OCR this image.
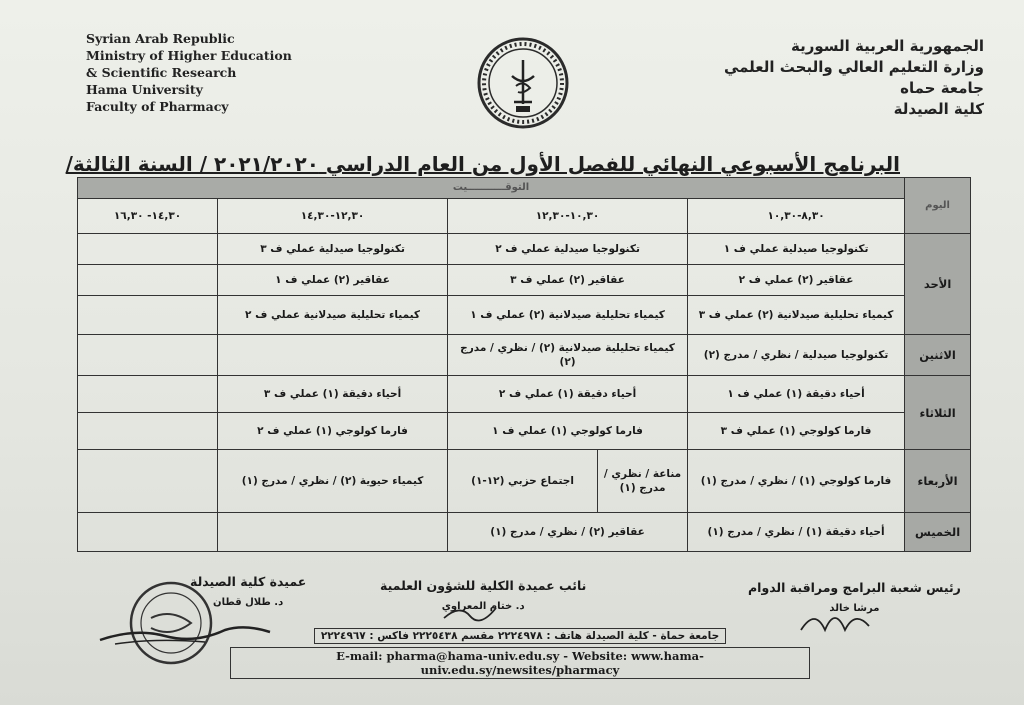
Syrian Arab Republic
Ministry of Higher Education
& Scientific Research
Hama University
Faculty of Pharmacy
الجمهورية العربية السورية
وزارة التعليم العالي والبحث العلمي
جامعة حماه
كلية الصيدلة
البرنامج الأسبوعي النهائي للفصل الأول من العام الدراسي ٢٠٢١/٢٠٢٠ / السنة الثالثة/
اليوم	التوقـــــــــــيت				
	٨,٣٠-١٠,٣٠	١٠,٣٠-١٢,٣٠		١٢,٣٠-١٤,٣٠	١٤,٣٠- ١٦,٣٠
الأحد	تكنولوجيا صيدلية عملي ف ١	تكنولوجيا صيدلية عملي ف ٢		تكنولوجيا صيدلية عملي ف ٣	
	عقاقير (٢) عملي ف ٢	عقاقير (٢) عملي ف ٣		عقاقير (٢) عملي ف ١	
	كيمياء تحليلية صيدلانية (٢) عملي ف ٣	كيمياء تحليلية صيدلانية (٢) عملي ف ١		كيمياء تحليلية صيدلانية عملي ف ٢	
الاثنين	تكنولوجيا صيدلية / نظري / مدرج (٢)	كيمياء تحليلية صيدلانية (٢) / نظري / مدرج (٢)			
الثلاثاء	أحياء دقيقة (١) عملي ف ١	أحياء دقيقة (١) عملي ف ٢		أحياء دقيقة (١) عملي ف ٣	
	فارما كولوجي (١) عملي ف ٣	فارما كولوجي (١) عملي ف ١		فارما كولوجي (١) عملي ف ٢	
الأربعاء	فارما كولوجي (١) / نظري / مدرج (١)	مناعة / نظري / مدرج (١)	اجتماع حزبي (١٢-١)	كيمياء حيوية (٢) / نظري / مدرج (١)	
الخميس	أحياء دقيقة (١) / نظري / مدرج (١)	عقاقير (٢) / نظري / مدرج (١)			
عميدة كلية الصيدلة
د. طلال قطان
نائب عميدة الكلية للشؤون العلمية
د. ختام المعراوي
رئيس شعبة البرامج ومراقبة الدوام
مرشا خالد
جامعة حماة - كلية الصيدلة هاتف : ٢٢٢٤٩٧٨ مقسم ٢٢٢٥٤٣٨ فاكس : ٢٢٢٤٩٦٧
E-mail: pharma@hama-univ.edu.sy - Website: www.hama-univ.edu.sy/newsites/pharmacy
